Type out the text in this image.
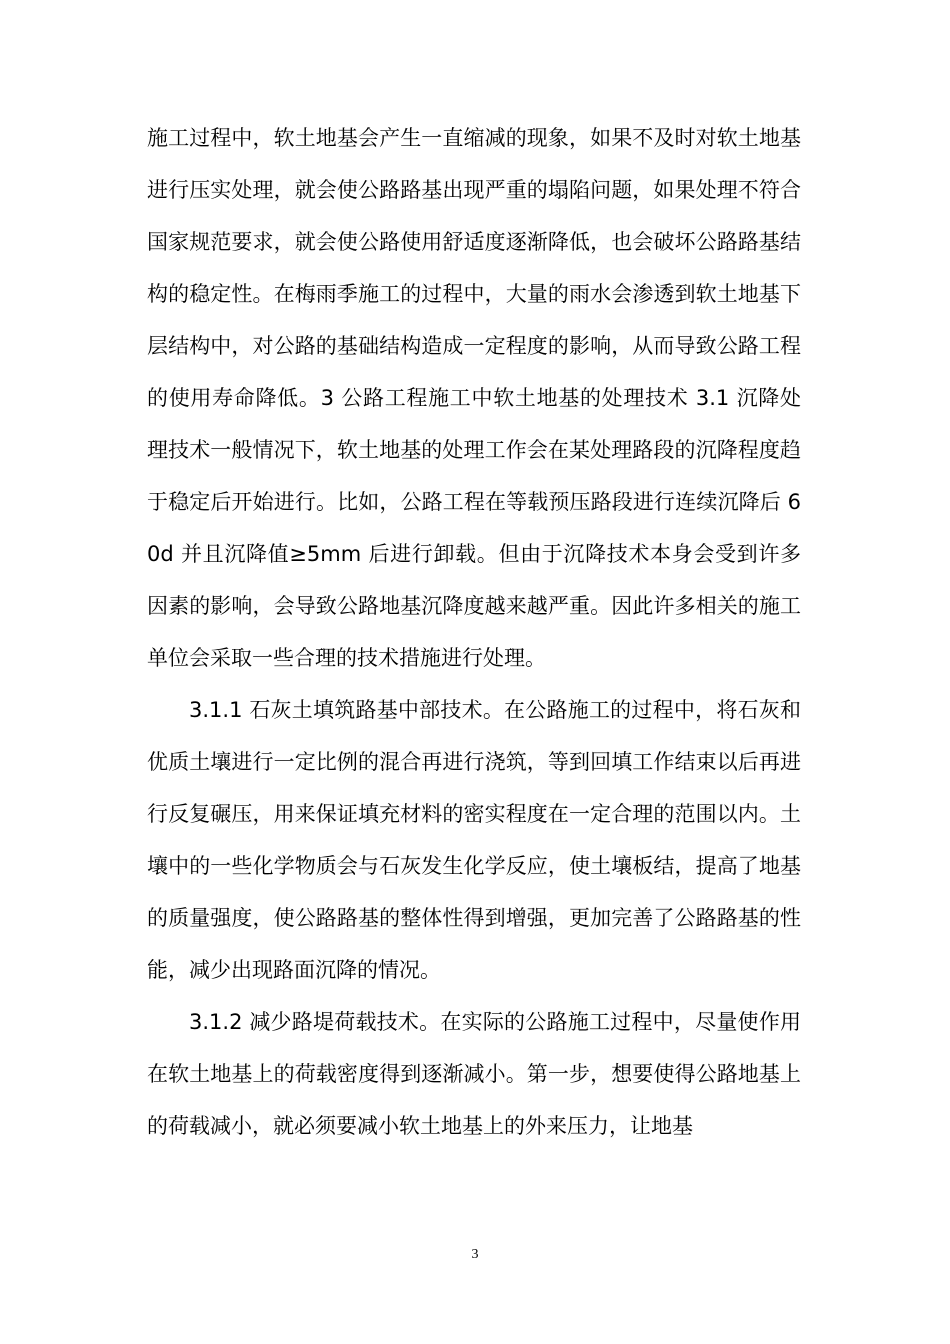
施工过程中，软土地基会产生一直缩减的现象，如果不及时对软土地基进行压实处理，就会使公路路基出现严重的塌陷问题，如果处理不符合国家规范要求，就会使公路使用舒适度逐渐降低，也会破坏公路路基结构的稳定性。在梅雨季施工的过程中，大量的雨水会渗透到软土地基下层结构中，对公路的基础结构造成一定程度的影响，从而导致公路工程的使用寿命降低。3 公路工程施工中软土地基的处理技术 3.1 沉降处理技术一般情况下，软土地基的处理工作会在某处理路段的沉降程度趋于稳定后开始进行。比如，公路工程在等载预压路段进行连续沉降后 60d 并且沉降值≥5mm 后进行卸载。但由于沉降技术本身会受到许多因素的影响，会导致公路地基沉降度越来越严重。因此许多相关的施工单位会采取一些合理的技术措施进行处理。

3.1.1 石灰土填筑路基中部技术。在公路施工的过程中，将石灰和优质土壤进行一定比例的混合再进行浇筑，等到回填工作结束以后再进行反复碾压，用来保证填充材料的密实程度在一定合理的范围以内。土壤中的一些化学物质会与石灰发生化学反应，使土壤板结，提高了地基的质量强度，使公路路基的整体性得到增强，更加完善了公路路基的性能，减少出现路面沉降的情况。

3.1.2 减少路堤荷载技术。在实际的公路施工过程中，尽量使作用在软土地基上的荷载密度得到逐渐减小。第一步，想要使得公路地基上的荷载减小，就必须要减小软土地基上的外来压力，让地基

3
